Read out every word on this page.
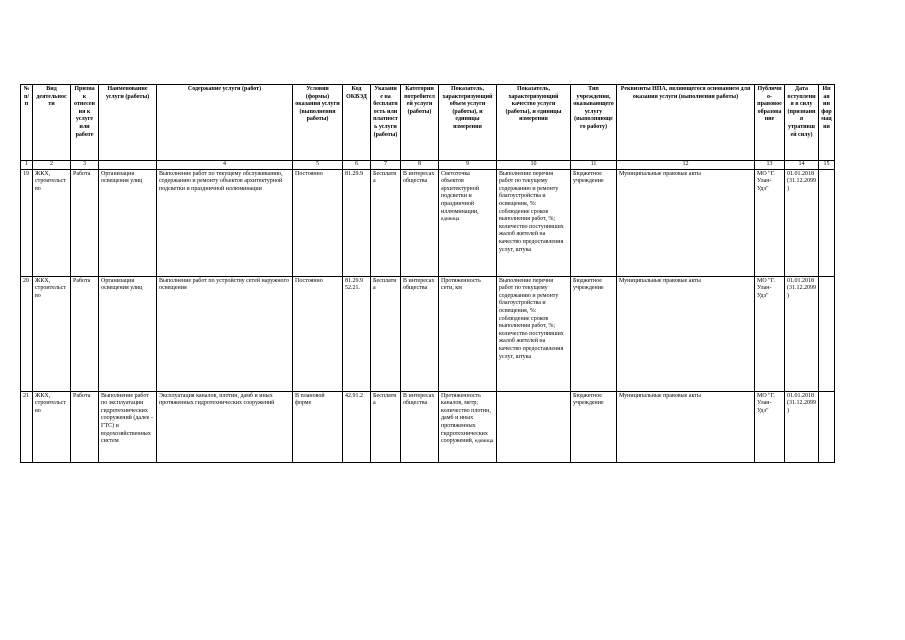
№ п/п	Вид деятельности	Признак отнесения к услуге или работе	Наименование услуги (работы)	Содержание услуги (работ)	Условия (формы) оказания услуги (выполнения работы)	Код ОКВЭД	Указание на бесплатность или платность услуги (работы)	Категории потребителей услуги (работы)	Показатель, характеризующий объем услуги (работы), и единицы измерения	Показатель, характеризующий качество услуги (работы), и единицы измерения	Тип учреждения, оказывающего услугу (выполняющего работу)	Реквизиты НПА, являющегося основанием для оказания услуги (выполнения работы)	Публично-правовое образование	Дата вступления в силу (признания утратившей силу)	Иная информация
1	2	3		4	5	6	7	8	9	10	11	12	13	14	15
19	ЖКХ, строительство	Работа	Организация освещения улиц	Выполнение работ по текущему обслуживанию, содержанию и ремонту объектов архитектурной подсветки и праздничной иллюминации	Постоянно	81.29.9	Бесплатна	В интересах общества	Светоточка объектов архитектурной подсветки и праздничной иллюминации, единица	Выполнение перечня работ по текущему содержанию и ремонту благоустройства и освещения, %: соблюдение сроков выполнения работ, %; количество поступивших жалоб жителей на качество предоставления услуг, штука	Бюджетное учреждение	Муниципальные правовые акты	МО "Г. Улан-Удэ"	01.01.2018 (31.12.2099)	
20	ЖКХ, строительство	Работа	Организация освещения улиц	Выполнение работ по устройству сетей наружного освещения	Постоянно	81.29.9 52.21.	Бесплатна	В интересах общества	Протяженность сети, км	Выполнение перечня работ по текущему содержанию и ремонту благоустройства и освещения, %: соблюдение сроков выполнения работ, %; количество поступивших жалоб жителей на качество предоставления услуг, штука	Бюджетное учреждение	Муниципальные правовые акты	МО "Г. Улан-Удэ"	01.01.2018 (31.12.2099)	
21	ЖКХ, строительство	Работа	Выполнение работ по эксплуатации гидротехнических сооружений (далее - ГТС) и водохозяйственных систем	Эксплуатация каналов, плотин, дамб и иных протяженных гидротехнических сооружений	В плановой форме	42.91.2	Бесплатна	В интересах общества	Протяженность каналов, метр; количество плотин, дамб и иных протяженных гидротехнических сооружений, единица		Бюджетное учреждение	Муниципальные правовые акты	МО "Г. Улан-Удэ"	01.01.2018 (31.12.2099)	
